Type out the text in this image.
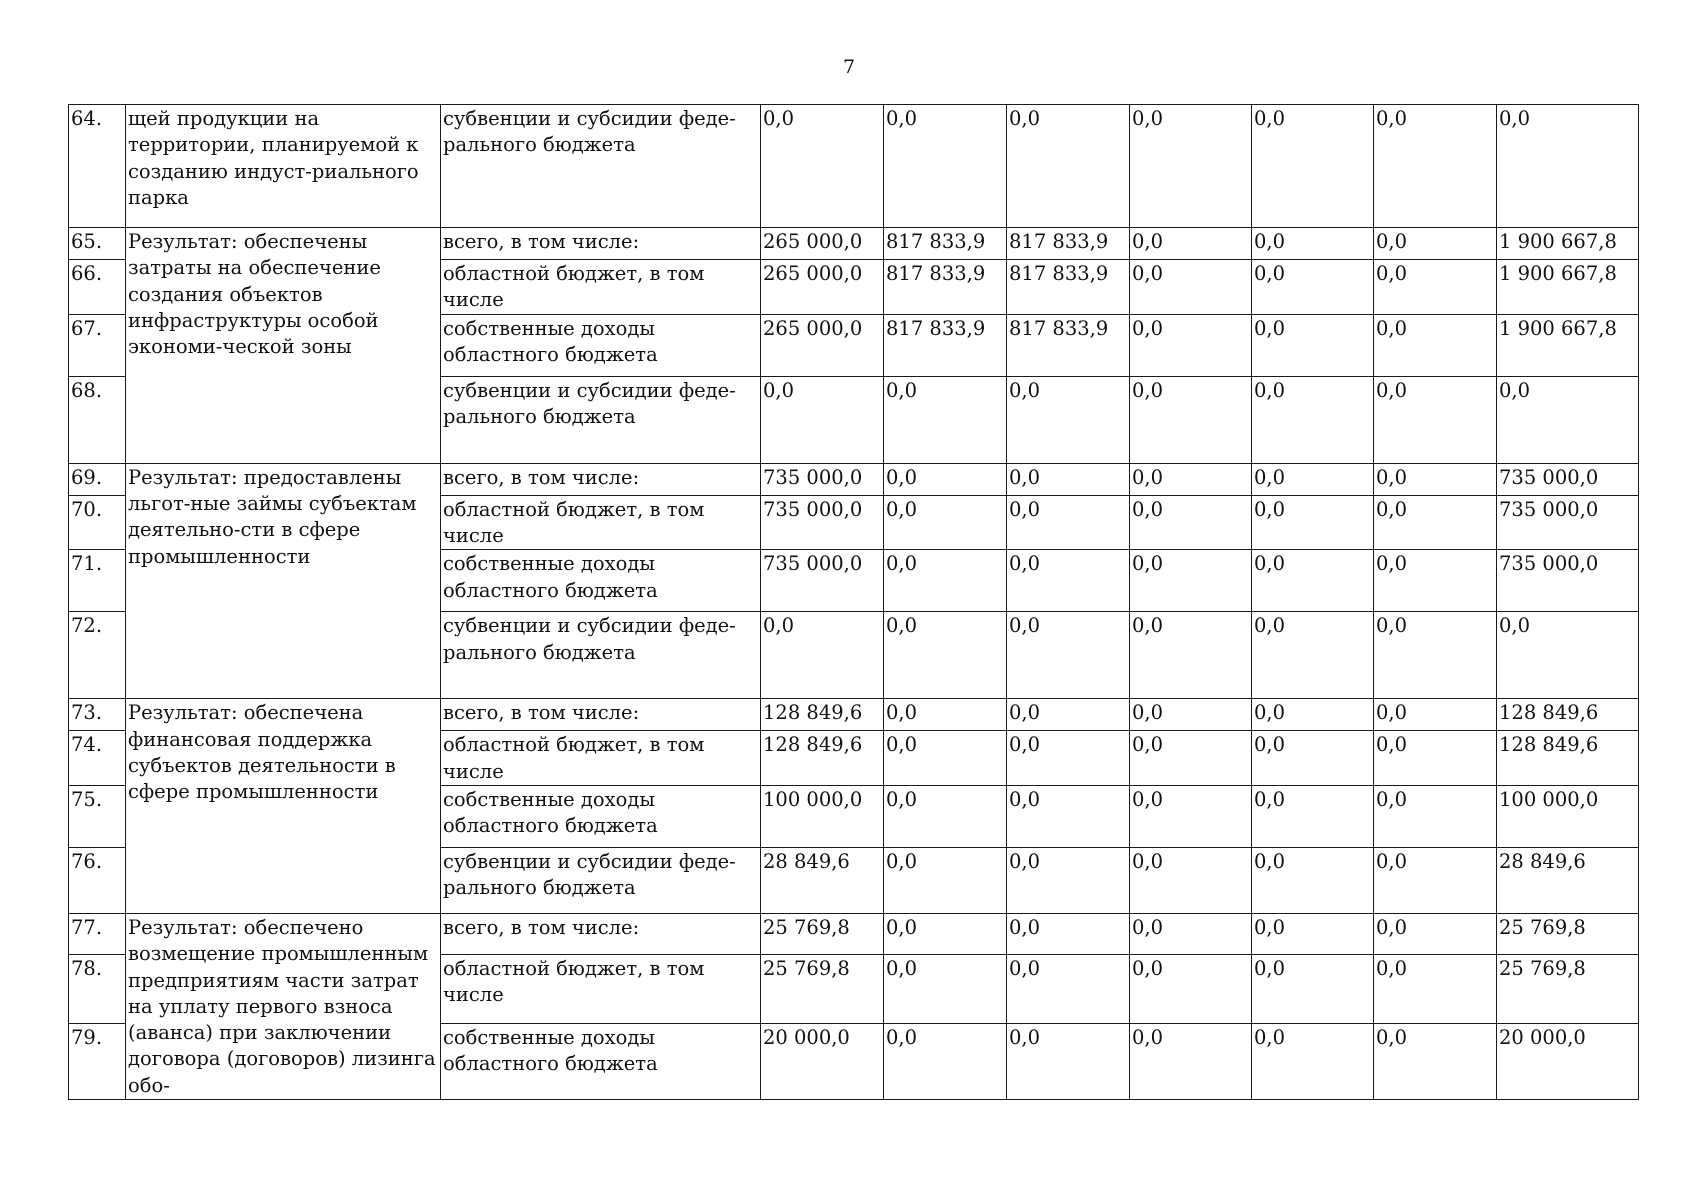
7
64.	щей продукции на территории, планируемой к созданию индуст-риального парка	субвенции и субсидии феде-рального бюджета	0,0	0,0	0,0	0,0	0,0	0,0	0,0
65.	Результат: обеспечены затраты на обеспечение создания объектов инфраструктуры особой экономи-ческой зоны	всего, в том числе:	265 000,0	817 833,9	817 833,9	0,0	0,0	0,0	1 900 667,8
66.		областной бюджет, в том числе	265 000,0	817 833,9	817 833,9	0,0	0,0	0,0	1 900 667,8
67.		собственные доходы областного бюджета	265 000,0	817 833,9	817 833,9	0,0	0,0	0,0	1 900 667,8
68.		субвенции и субсидии феде-рального бюджета	0,0	0,0	0,0	0,0	0,0	0,0	0,0
69.	Результат: предоставлены льгот-ные займы субъектам деятельно-сти в сфере промышленности	всего, в том числе:	735 000,0	0,0	0,0	0,0	0,0	0,0	735 000,0
70.		областной бюджет, в том числе	735 000,0	0,0	0,0	0,0	0,0	0,0	735 000,0
71.		собственные доходы областного бюджета	735 000,0	0,0	0,0	0,0	0,0	0,0	735 000,0
72.		субвенции и субсидии феде-рального бюджета	0,0	0,0	0,0	0,0	0,0	0,0	0,0
73.	Результат: обеспечена финансовая поддержка субъектов деятельности в сфере промышленности	всего, в том числе:	128 849,6	0,0	0,0	0,0	0,0	0,0	128 849,6
74.		областной бюджет, в том числе	128 849,6	0,0	0,0	0,0	0,0	0,0	128 849,6
75.		собственные доходы областного бюджета	100 000,0	0,0	0,0	0,0	0,0	0,0	100 000,0
76.		субвенции и субсидии феде-рального бюджета	28 849,6	0,0	0,0	0,0	0,0	0,0	28 849,6
77.	Результат: обеспечено возмещение промышленным предприятиям части затрат на уплату первого взноса (аванса) при заключении договора (договоров) лизинга обо-	всего, в том числе:	25 769,8	0,0	0,0	0,0	0,0	0,0	25 769,8
78.		областной бюджет, в том числе	25 769,8	0,0	0,0	0,0	0,0	0,0	25 769,8
79.		собственные доходы областного бюджета	20 000,0	0,0	0,0	0,0	0,0	0,0	20 000,0
